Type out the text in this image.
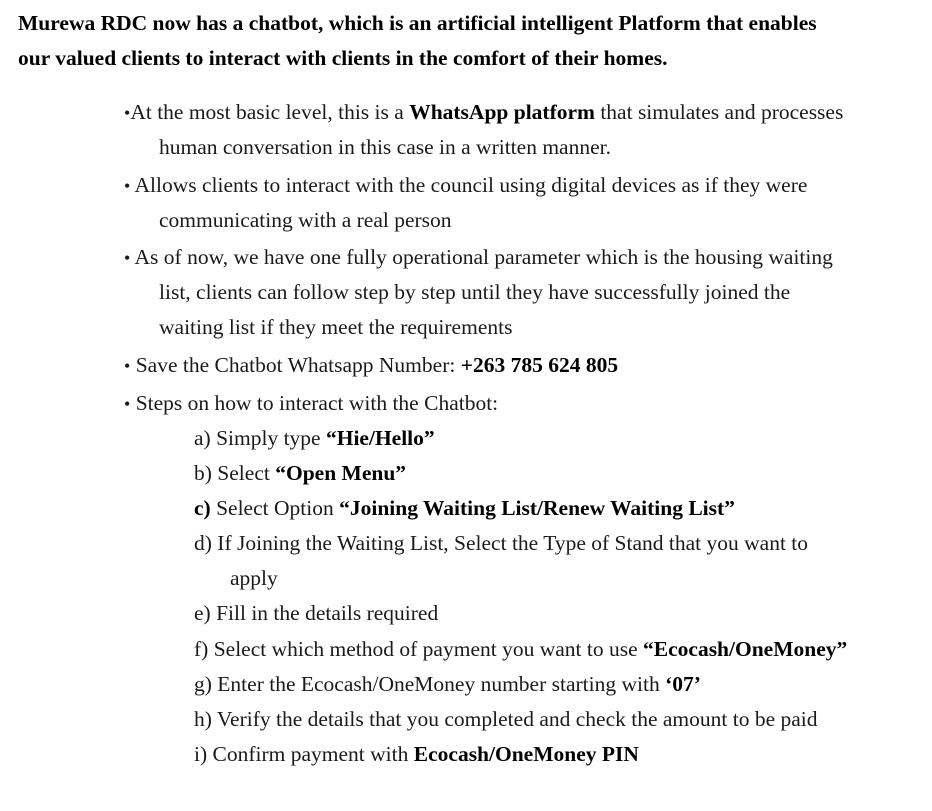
Murewa RDC now has a chatbot, which is an artificial intelligent Platform that enables
our valued clients to interact with clients in the comfort of their homes.
•At the most basic level, this is a WhatsApp platform that simulates and processes
human conversation in this case in a written manner.
• Allows clients to interact with the council using digital devices as if they were
communicating with a real person
• As of now, we have one fully operational parameter which is the housing waiting
list, clients can follow step by step until they have successfully joined the
waiting list if they meet the requirements
• Save the Chatbot Whatsapp Number: +263 785 624 805
• Steps on how to interact with the Chatbot:
a) Simply type “Hie/Hello”
b) Select “Open Menu”
c) Select Option “Joining Waiting List/Renew Waiting List”
d) If Joining the Waiting List, Select the Type of Stand that you want to
apply
e) Fill in the details required
f) Select which method of payment you want to use “Ecocash/OneMoney”
g) Enter the Ecocash/OneMoney number starting with ‘07’
h) Verify the details that you completed and check the amount to be paid
i) Confirm payment with Ecocash/OneMoney PIN
